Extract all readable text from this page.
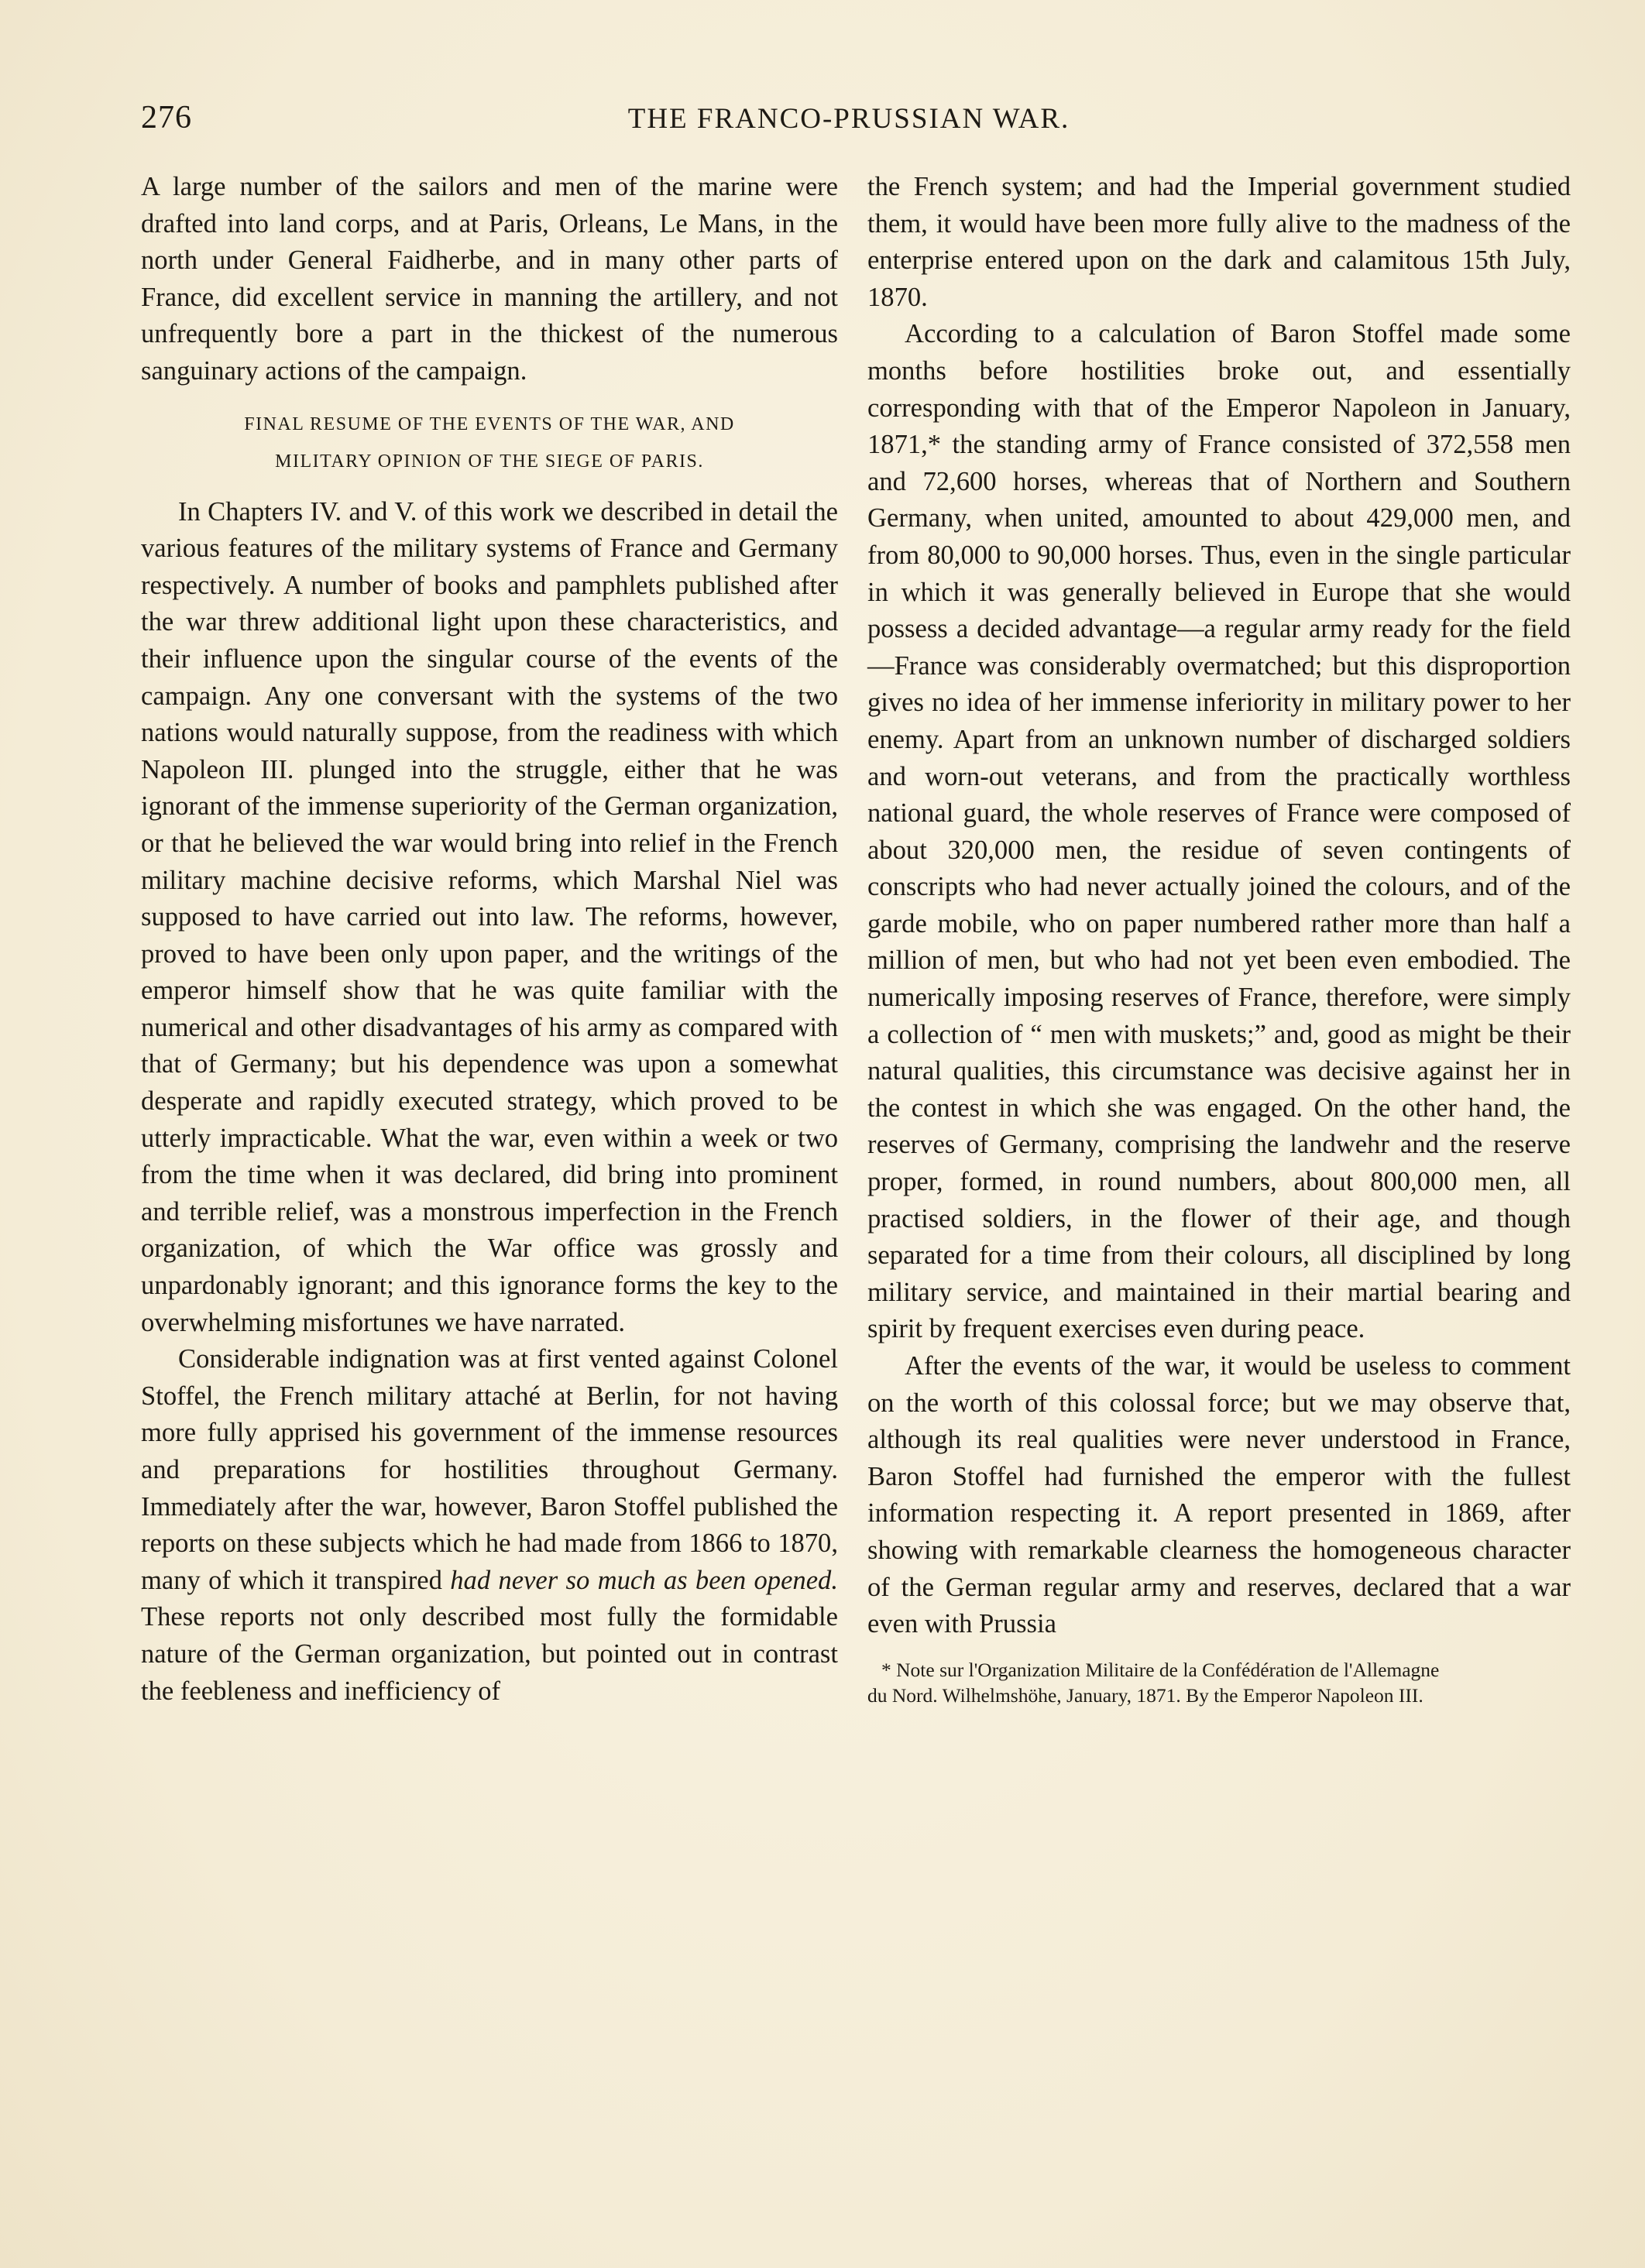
276	THE FRANCO-PRUSSIAN WAR.

A large number of the sailors and men of the marine were drafted into land corps, and at Paris, Orleans, Le Mans, in the north under General Faidherbe, and in many other parts of France, did excellent service in manning the artillery, and not unfrequently bore a part in the thickest of the numerous sanguinary actions of the campaign.

FINAL RESUME OF THE EVENTS OF THE WAR, AND
MILITARY OPINION OF THE SIEGE OF PARIS.

In Chapters IV. and V. of this work we described in detail the various features of the military systems of France and Germany respectively. A number of books and pamphlets published after the war threw additional light upon these characteristics, and their influence upon the singular course of the events of the campaign. Any one conversant with the systems of the two nations would naturally suppose, from the readiness with which Napoleon III. plunged into the struggle, either that he was ignorant of the immense superiority of the German organization, or that he believed the war would bring into relief in the French military machine decisive reforms, which Marshal Niel was supposed to have carried out into law. The reforms, however, proved to have been only upon paper, and the writings of the emperor himself show that he was quite familiar with the numerical and other disadvantages of his army as compared with that of Germany; but his dependence was upon a somewhat desperate and rapidly executed strategy, which proved to be utterly impracticable. What the war, even within a week or two from the time when it was declared, did bring into prominent and terrible relief, was a monstrous imperfection in the French organization, of which the War office was grossly and unpardonably ignorant; and this ignorance forms the key to the overwhelming misfortunes we have narrated.

Considerable indignation was at first vented against Colonel Stoffel, the French military attaché at Berlin, for not having more fully apprised his government of the immense resources and preparations for hostilities throughout Germany. Immediately after the war, however, Baron Stoffel published the reports on these subjects which he had made from 1866 to 1870, many of which it transpired had never so much as been opened. These reports not only described most fully the formidable nature of the German organization, but pointed out in contrast the feebleness and inefficiency of

the French system; and had the Imperial government studied them, it would have been more fully alive to the madness of the enterprise entered upon on the dark and calamitous 15th July, 1870.

According to a calculation of Baron Stoffel made some months before hostilities broke out, and essentially corresponding with that of the Emperor Napoleon in January, 1871,* the standing army of France consisted of 372,558 men and 72,600 horses, whereas that of Northern and Southern Germany, when united, amounted to about 429,000 men, and from 80,000 to 90,000 horses. Thus, even in the single particular in which it was generally believed in Europe that she would possess a decided advantage—a regular army ready for the field—France was considerably overmatched; but this disproportion gives no idea of her immense inferiority in military power to her enemy. Apart from an unknown number of discharged soldiers and worn-out veterans, and from the practically worthless national guard, the whole reserves of France were composed of about 320,000 men, the residue of seven contingents of conscripts who had never actually joined the colours, and of the garde mobile, who on paper numbered rather more than half a million of men, but who had not yet been even embodied. The numerically imposing reserves of France, therefore, were simply a collection of “ men with muskets;” and, good as might be their natural qualities, this circumstance was decisive against her in the contest in which she was engaged. On the other hand, the reserves of Germany, comprising the landwehr and the reserve proper, formed, in round numbers, about 800,000 men, all practised soldiers, in the flower of their age, and though separated for a time from their colours, all disciplined by long military service, and maintained in their martial bearing and spirit by frequent exercises even during peace.

After the events of the war, it would be useless to comment on the worth of this colossal force; but we may observe that, although its real qualities were never understood in France, Baron Stoffel had furnished the emperor with the fullest information respecting it. A report presented in 1869, after showing with remarkable clearness the homogeneous character of the German regular army and reserves, declared that a war even with Prussia

* Note sur l'Organization Militaire de la Confédération de l'Allemagne
du Nord. Wilhelmshöhe, January, 1871. By the Emperor Napoleon III.
